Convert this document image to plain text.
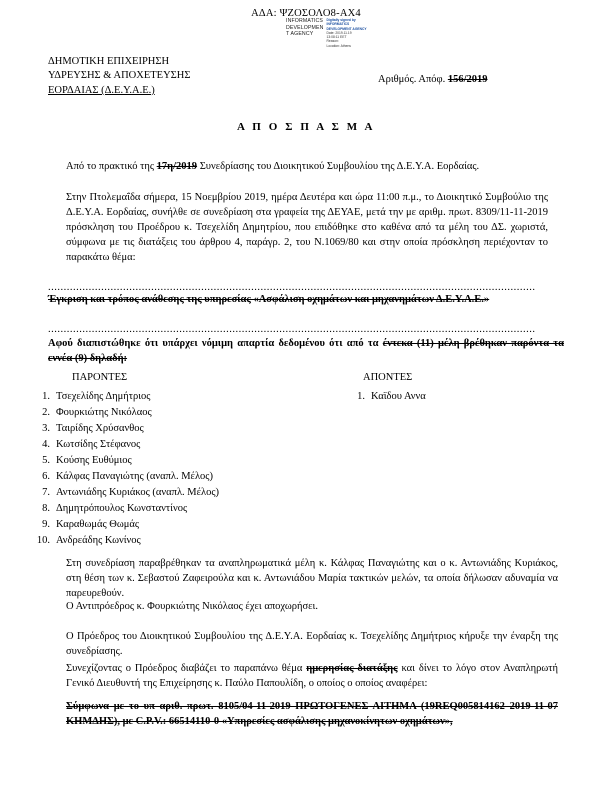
ΑΔΑ: ΨΖΟΣΟΛΟ8-ΑΧ4
INFORMATICS
DEVELOPMEN
T AGENCY
Digitally signed by
INFORMATICS
DEVELOPMENT AGENCY
Date: 2019.11.19
13:08:11 EET
Reason:
Location: Athens
ΔΗΜΟΤΙΚΗ ΕΠΙΧΕΙΡΗΣΗ
ΥΔΡΕΥΣΗΣ & ΑΠΟΧΕΤΕΥΣΗΣ
ΕΟΡΔΑΙΑΣ (Δ.Ε.Υ.Α.Ε.)
Αριθμός. Απόφ. 156/2019
Α Π Ο Σ Π Α Σ Μ Α
Από το πρακτικό της 17η/2019 Συνεδρίασης του Διοικητικού Συμβουλίου της Δ.Ε.Υ.Α. Εορδαίας.
Στην Πτολεμαΐδα σήμερα, 15 Νοεμβρίου 2019, ημέρα Δευτέρα και ώρα 11:00 π.μ., το Διοικητικό Συμβούλιο της Δ.Ε.Υ.Α. Εορδαίας, συνήλθε σε συνεδρίαση στα γραφεία της ΔΕΥΑΕ, μετά την με αριθμ. πρωτ. 8309/11-11-2019 πρόσκληση του Προέδρου κ. Τσεχελίδη Δημητρίου, που επιδόθηκε στο καθένα από τα μέλη του ΔΣ. χωριστά, σύμφωνα με τις διατάξεις του άρθρου 4, παράγρ. 2, του Ν.1069/80 και στην οποία πρόσκληση περιέχονταν το παρακάτω θέμα:
............................................................................................................................................................
Έγκριση και τρόπος ανάθεσης της υπηρεσίας «Ασφάλιση οχημάτων και μηχανημάτων Δ.Ε.Υ.Α.Ε.»
............................................................................................................................................................
Αφού διαπιστώθηκε ότι υπάρχει νόμιμη απαρτία δεδομένου ότι από τα έντεκα (11) μέλη βρέθηκαν παρόντα τα εννέα (9) δηλαδή:
ΠΑΡΟΝΤΕΣ	ΑΠΟΝΤΕΣ
1. Τσεχελίδης Δημήτριος
2. Φουρκιώτης Νικόλαος
3. Ταιρίδης Χρύσανθος
4. Κωτσίδης Στέφανος
5. Κούσης Ευθύμιος
6. Κάλφας Παναγιώτης (αναπλ. Μέλος)
7. Αντωνιάδης Κυριάκος (αναπλ. Μέλος)
8. Δημητρόπουλος Κωνσταντίνος
9. Καραθωμάς Θωμάς
10. Ανδρεάδης Κωνίνος
1. Καϊδου Αννα
Στη συνεδρίαση παραβρέθηκαν τα αναπληρωματικά μέλη κ. Κάλφας Παναγιώτης και ο κ. Αντωνιάδης Κυριάκος, στη θέση των κ. Σεβαστού Ζαφειρούλα και κ. Αντωνιάδου Μαρία τακτικών μελών, τα οποία δήλωσαν αδυναμία να παρευρεθούν.
Ο Αντιπρόεδρος κ. Φουρκιώτης Νικόλαος έχει αποχωρήσει.
Ο Πρόεδρος του Διοικητικού Συμβουλίου της Δ.Ε.Υ.Α. Εορδαίας κ. Τσεχελίδης Δημήτριος κήρυξε την έναρξη της συνεδρίασης.
Συνεχίζοντας ο Πρόεδρος διαβάζει το παραπάνω θέμα ημερησίας διατάξης και δίνει το λόγο στον Αναπληρωτή Γενικό Διευθυντή της Επιχείρησης κ. Παύλο Παπουλίδη, ο οποίος ο οποίος αναφέρει:
Σύμφωνα με το υπ αριθ. πρωτ. 8105/04-11-2019 ΠΡΩΤΟΓΕΝΕΣ ΑΙΤΗΜΑ (19REQ005814162 2019-11-07 ΚΗΜΔΗΣ), με C.P.V.: 66514110-0 «Υπηρεσίες ασφάλισης μηχανοκίνητων οχημάτων»,
